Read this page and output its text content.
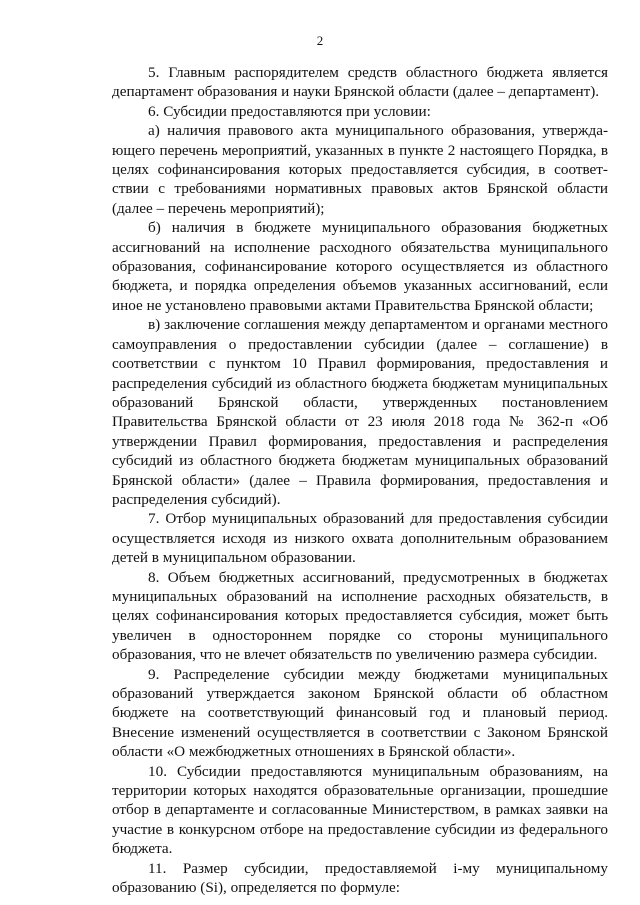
2

5. Главным распорядителем средств областного бюджета является департамент образования и науки Брянской области (далее – департамент).

6. Субсидии предоставляются при условии:

а) наличия правового акта муниципального образования, утвержда-ющего перечень мероприятий, указанных в пункте 2 настоящего Порядка, в целях софинансирования которых предоставляется субсидия, в соответ-ствии с требованиями нормативных правовых актов Брянской области (далее – перечень мероприятий);

б) наличия в бюджете муниципального образования бюджетных ассигнований на исполнение расходного обязательства муниципального образования, софинансирование которого осуществляется из областного бюджета, и порядка определения объемов указанных ассигнований, если иное не установлено правовыми актами Правительства Брянской области;

в) заключение соглашения между департаментом и органами местного самоуправления о предоставлении субсидии (далее – соглашение) в соответствии с пунктом 10 Правил формирования, предоставления и распределения субсидий из областного бюджета бюджетам муниципальных образований Брянской области, утвержденных постановлением Правительства Брянской области от 23 июля 2018 года № 362-п «Об утверждении Правил формирования, предоставления и распределения субсидий из областного бюджета бюджетам муниципальных образований Брянской области» (далее – Правила формирования, предоставления и распределения субсидий).

7. Отбор муниципальных образований для предоставления субсидии осуществляется исходя из низкого охвата дополнительным образованием детей в муниципальном образовании.

8. Объем бюджетных ассигнований, предусмотренных в бюджетах муниципальных образований на исполнение расходных обязательств, в целях софинансирования которых предоставляется субсидия, может быть увеличен в одностороннем порядке со стороны муниципального образования, что не влечет обязательств по увеличению размера субсидии.

9. Распределение субсидии между бюджетами муниципальных образований утверждается законом Брянской области об областном бюджете на соответствующий финансовый год и плановый период. Внесение изменений осуществляется в соответствии с Законом Брянской области «О межбюджетных отношениях в Брянской области».

10. Субсидии предоставляются муниципальным образованиям, на территории которых находятся образовательные организации, прошедшие отбор в департаменте и согласованные Министерством, в рамках заявки на участие в конкурсном отборе на предоставление субсидии из федерального бюджета.

11. Размер субсидии, предоставляемой i-му муниципальному образованию (Si), определяется по формуле:
